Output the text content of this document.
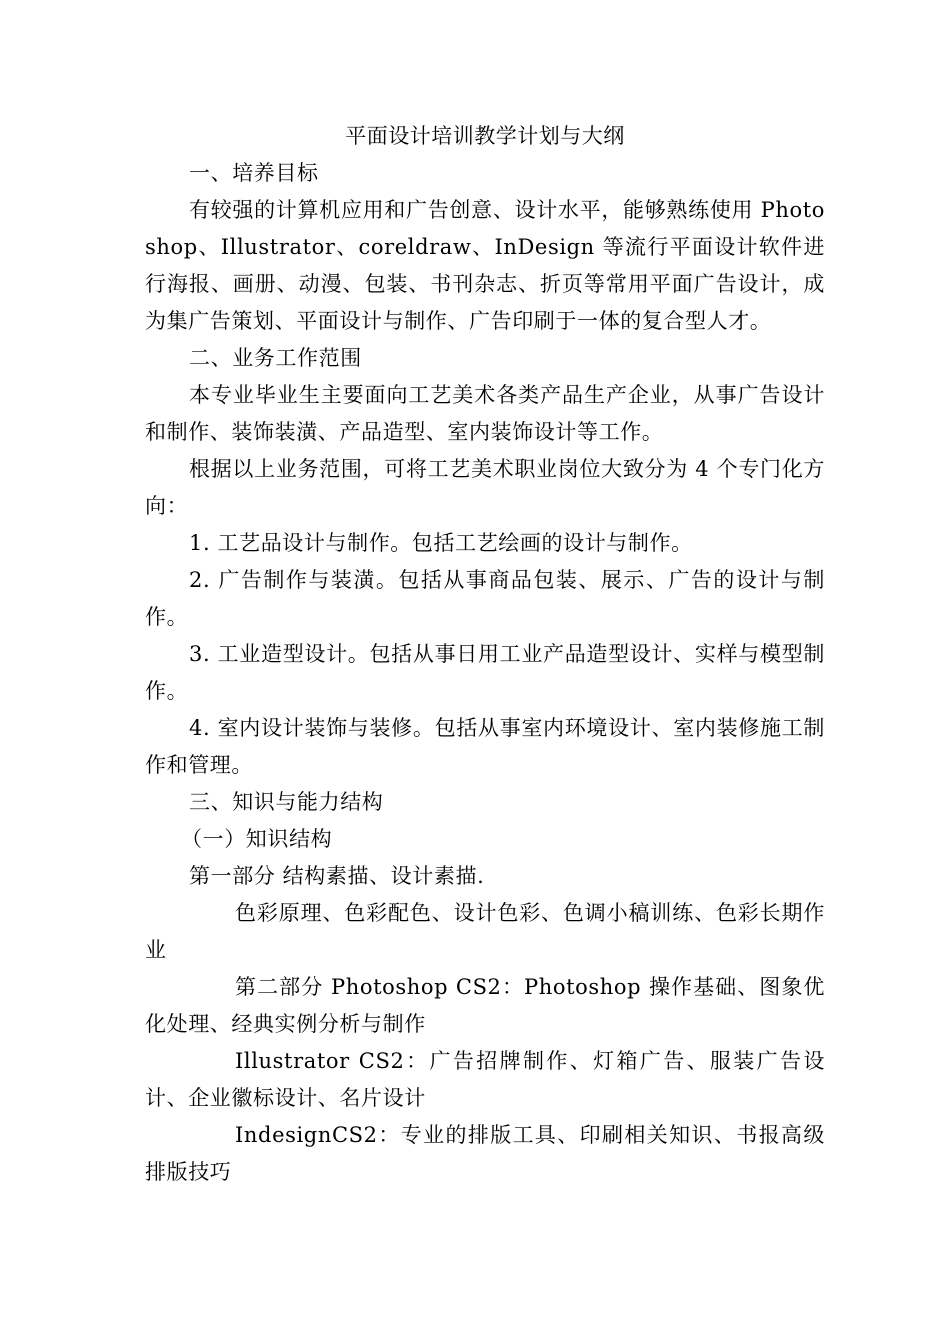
平面设计培训教学计划与大纲

一、培养目标

有较强的计算机应用和广告创意、设计水平，能够熟练使用 Photoshop、Illustrator、coreldraw、InDesign 等流行平面设计软件进行海报、画册、动漫、包装、书刊杂志、折页等常用平面广告设计，成为集广告策划、平面设计与制作、广告印刷于一体的复合型人才。

二、业务工作范围

本专业毕业生主要面向工艺美术各类产品生产企业，从事广告设计和制作、装饰装潢、产品造型、室内装饰设计等工作。

根据以上业务范围，可将工艺美术职业岗位大致分为 4 个专门化方向：

1. 工艺品设计与制作。包括工艺绘画的设计与制作。

2. 广告制作与装潢。包括从事商品包装、展示、广告的设计与制作。

3. 工业造型设计。包括从事日用工业产品造型设计、实样与模型制作。

4. 室内设计装饰与装修。包括从事室内环境设计、室内装修施工制作和管理。

三、知识与能力结构

（一）知识结构

第一部分 结构素描、设计素描.

色彩原理、色彩配色、设计色彩、色调小稿训练、色彩长期作业

第二部分 Photoshop CS2：Photoshop 操作基础、图象优化处理、经典实例分析与制作

Illustrator CS2：广告招牌制作、灯箱广告、服装广告设计、企业徽标设计、名片设计

IndesignCS2：专业的排版工具、印刷相关知识、书报高级排版技巧
